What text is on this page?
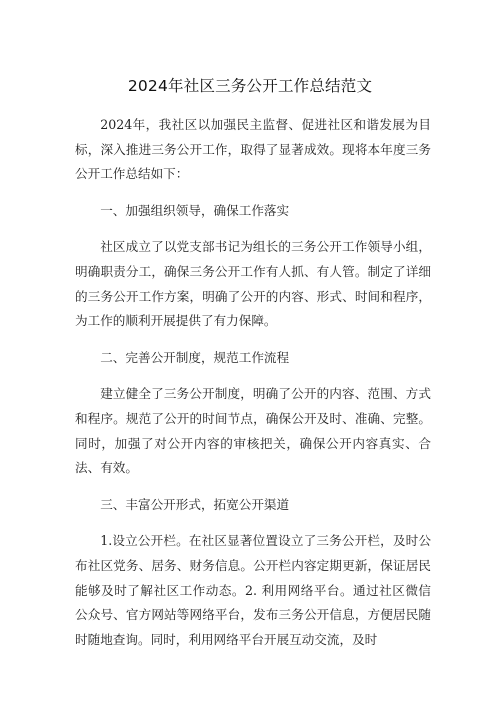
2024年社区三务公开工作总结范文

2024年，我社区以加强民主监督、促进社区和谐发展为目标，深入推进三务公开工作，取得了显著成效。现将本年度三务公开工作总结如下：

一、加强组织领导，确保工作落实

社区成立了以党支部书记为组长的三务公开工作领导小组，明确职责分工，确保三务公开工作有人抓、有人管。制定了详细的三务公开工作方案，明确了公开的内容、形式、时间和程序，为工作的顺利开展提供了有力保障。

二、完善公开制度，规范工作流程

建立健全了三务公开制度，明确了公开的内容、范围、方式和程序。规范了公开的时间节点，确保公开及时、准确、完整。同时，加强了对公开内容的审核把关，确保公开内容真实、合法、有效。

三、丰富公开形式，拓宽公开渠道

1.设立公开栏。在社区显著位置设立了三务公开栏，及时公布社区党务、居务、财务信息。公开栏内容定期更新，保证居民能够及时了解社区工作动态。2. 利用网络平台。通过社区微信公众号、官方网站等网络平台，发布三务公开信息，方便居民随时随地查询。同时，利用网络平台开展互动交流，及时
